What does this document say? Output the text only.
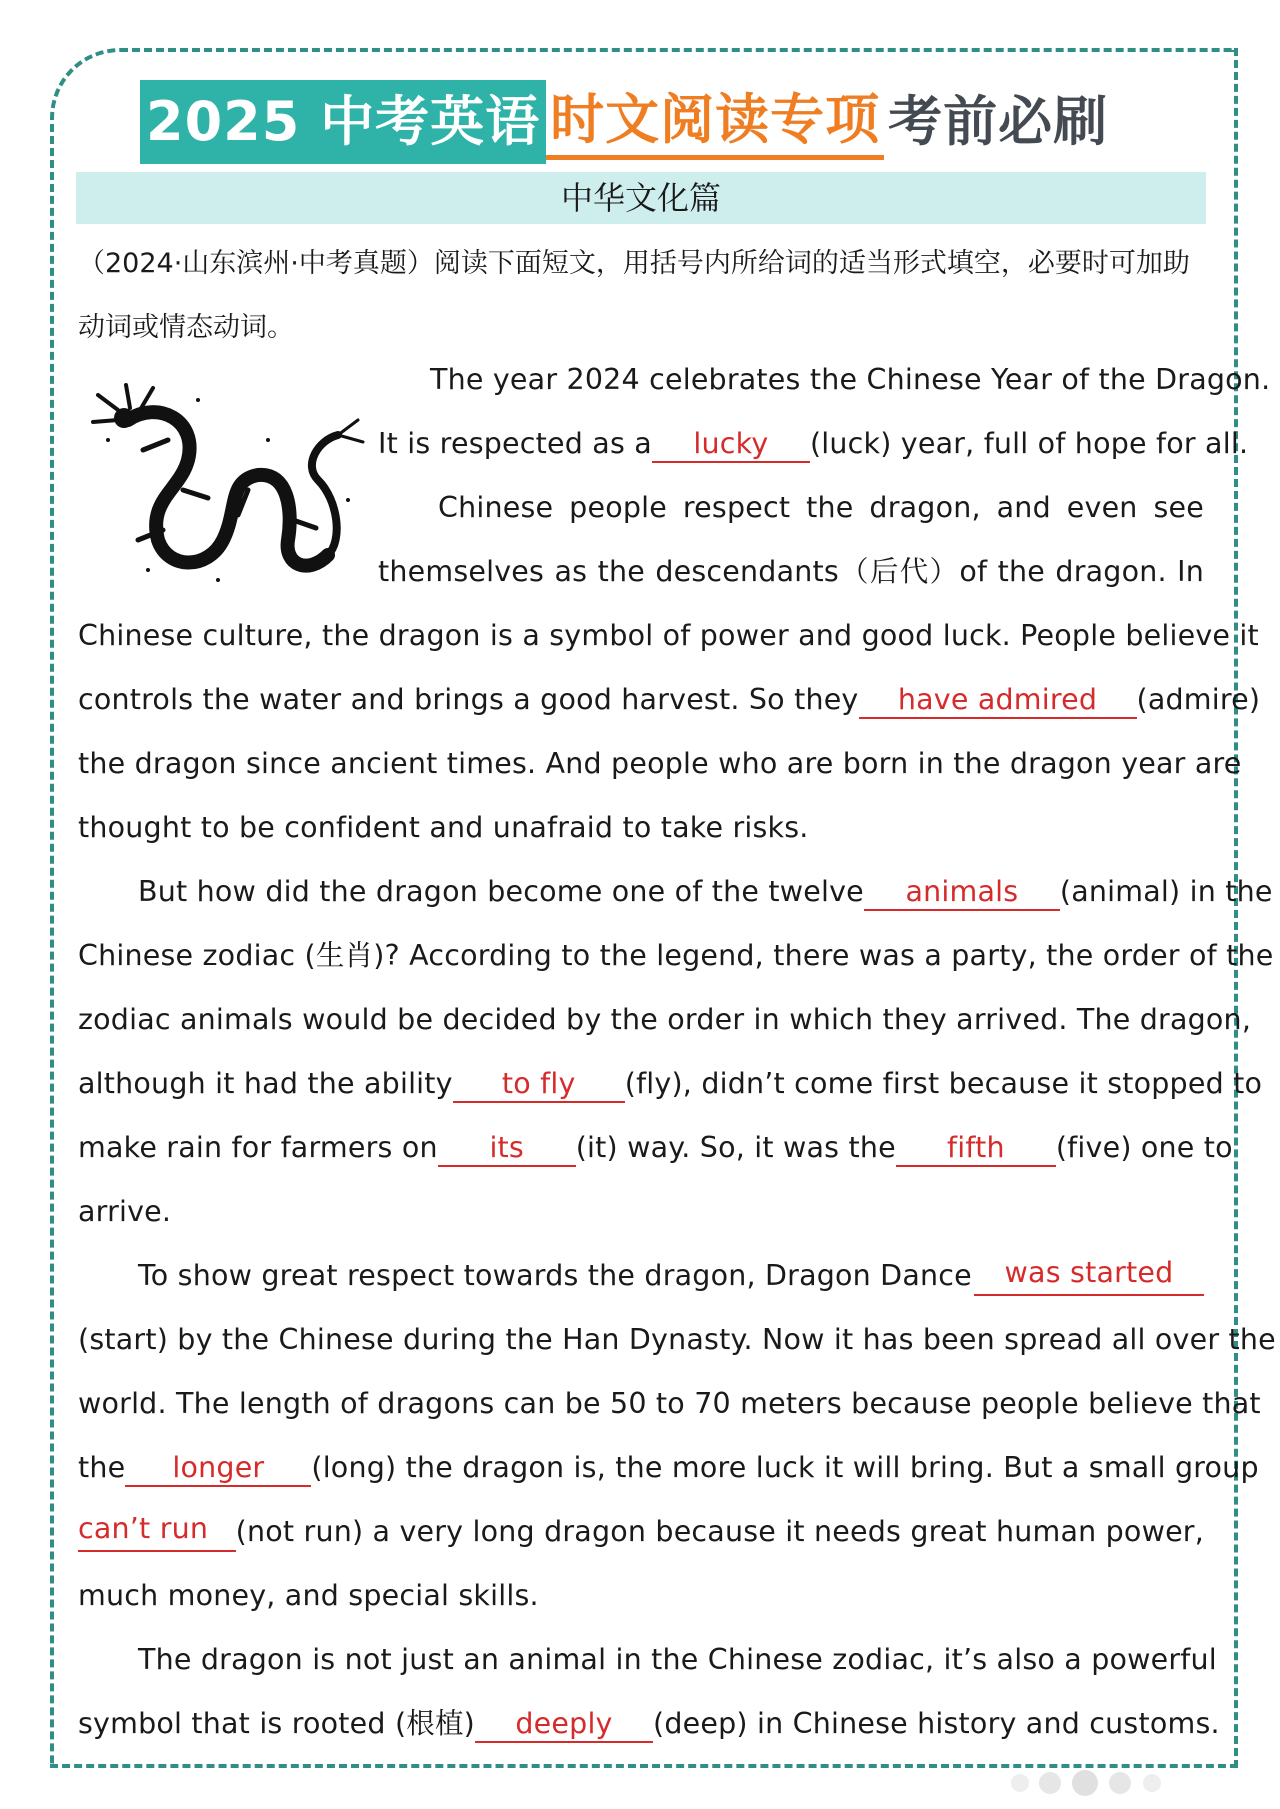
2025 中考英语 时文阅读专项 考前必刷
中华文化篇
（2024·山东滨州·中考真题）阅读下面短文，用括号内所给词的适当形式填空，必要时可加助动词或情态动词。
The year 2024 celebrates the Chinese Year of the Dragon.
It is respected as a lucky (luck) year, full of hope for all.
Chinese people respect the dragon, and even see
themselves as the descendants（后代）of the dragon. In
Chinese culture, the dragon is a symbol of power and good luck. People believe it
controls the water and brings a good harvest. So they have admired	(admire)
the dragon since ancient times. And people who are born in the dragon year are
thought to be confident and unafraid to take risks.
But how did the dragon become one of the twelve animals	(animal) in the
Chinese zodiac (生肖)? According to the legend, there was a party, the order of the
zodiac animals would be decided by the order in which they arrived. The dragon,
although it had the ability to fly	(fly), didn’t come first because it stopped to
make rain for farmers on its	(it) way. So, it was the fifth	(five) one to
arrive.
To show great respect towards the dragon, Dragon Dance	was started
(start) by the Chinese during the Han Dynasty. Now it has been spread all over the
world. The length of dragons can be 50 to 70 meters because people believe that
the longer	(long) the dragon is, the more luck it will bring. But a small group
can’t run (not run) a very long dragon because it needs great human power,
much money, and special skills.
The dragon is not just an animal in the Chinese zodiac, it’s also a powerful
symbol that is rooted (根植) deeply (deep) in Chinese history and customs.
